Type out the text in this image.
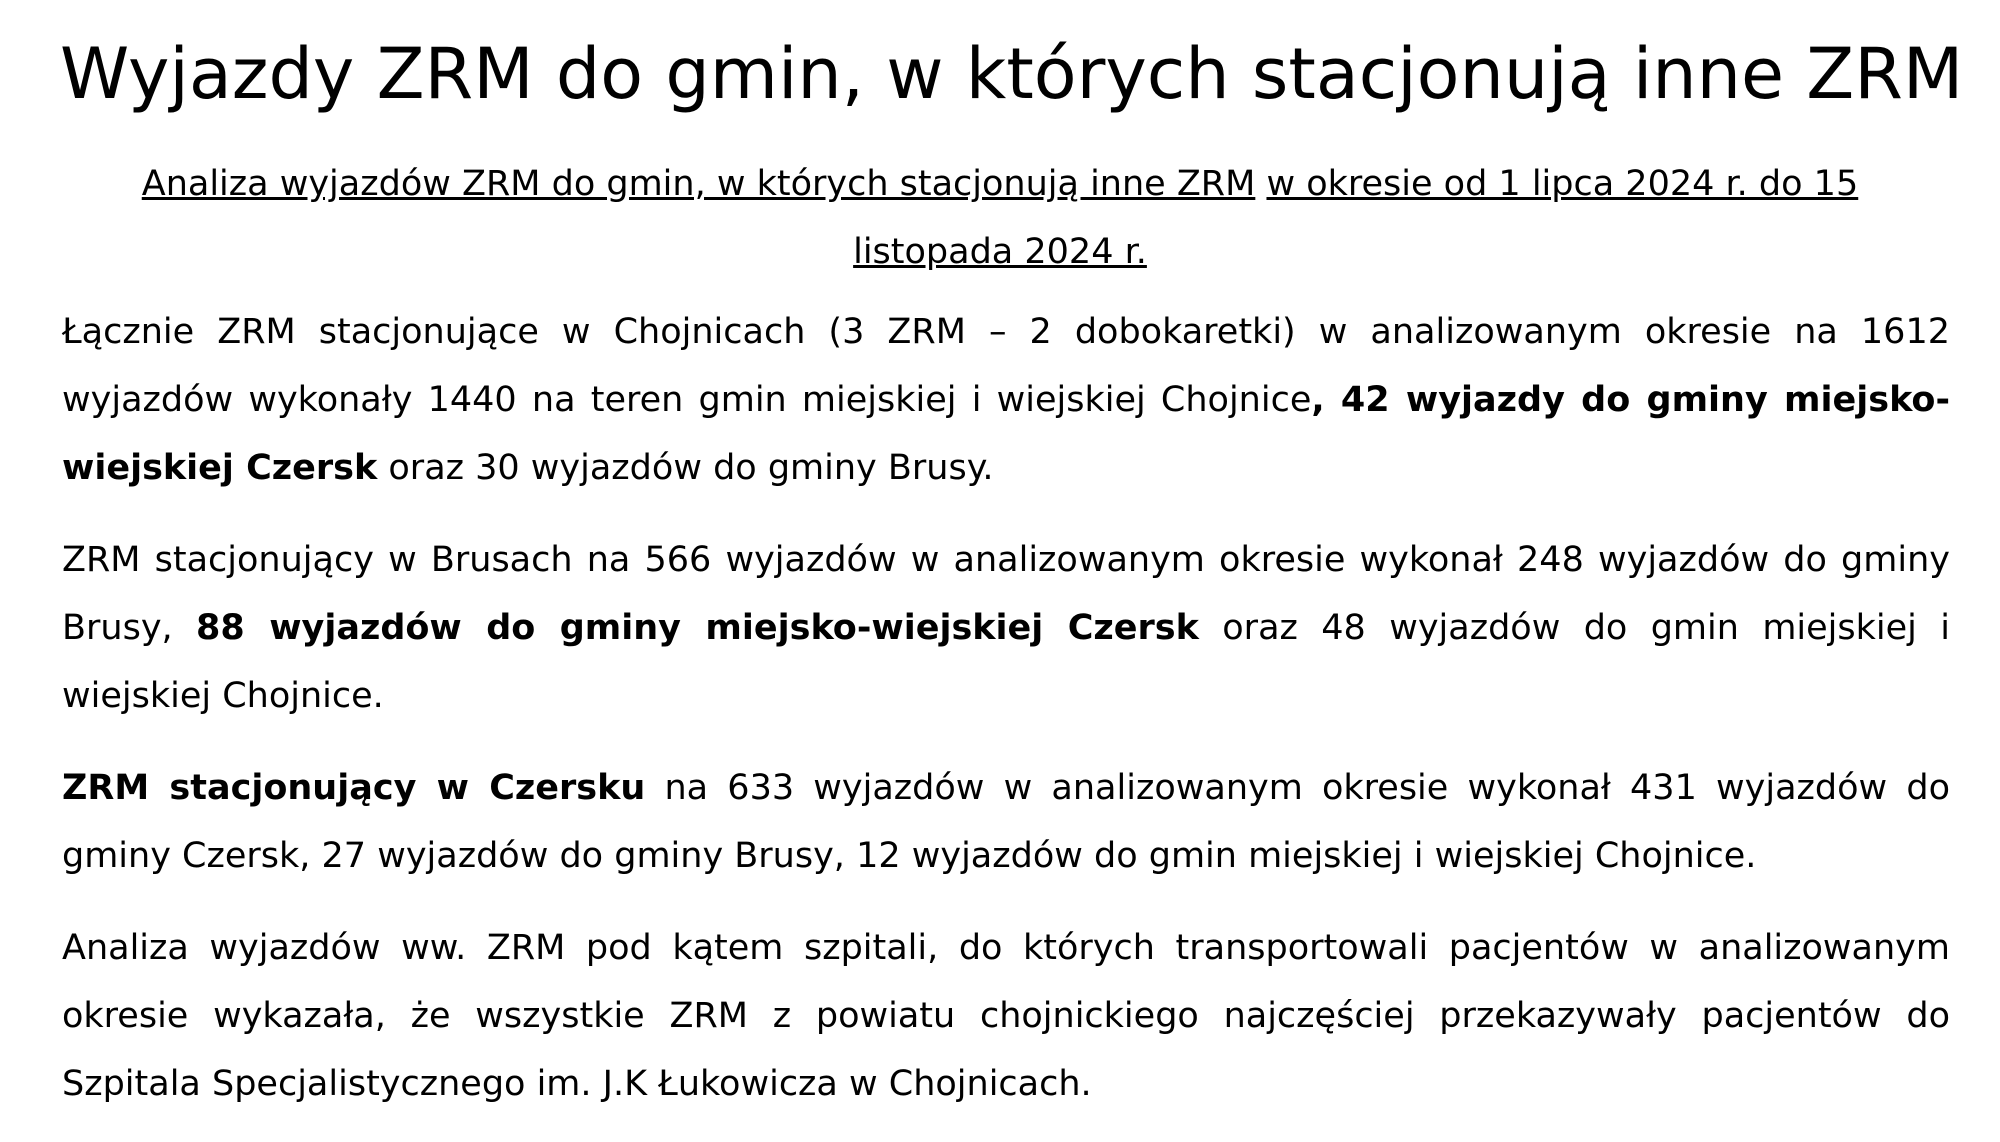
Wyjazdy ZRM do gmin, w których stacjonują inne ZRM

Analiza wyjazdów ZRM do gmin, w których stacjonują inne ZRM w okresie od 1 lipca 2024 r. do 15 listopada 2024 r.

Łącznie ZRM stacjonujące w Chojnicach (3 ZRM – 2 dobokaretki) w analizowanym okresie na 1612 wyjazdów wykonały 1440 na teren gmin miejskiej i wiejskiej Chojnice, 42 wyjazdy do gminy miejsko-wiejskiej Czersk oraz 30 wyjazdów do gminy Brusy.

ZRM stacjonujący w Brusach na 566 wyjazdów w analizowanym okresie wykonał 248 wyjazdów do gminy Brusy, 88 wyjazdów do gminy miejsko-wiejskiej Czersk oraz 48 wyjazdów do gmin miejskiej i wiejskiej Chojnice.

ZRM stacjonujący w Czersku na 633 wyjazdów w analizowanym okresie wykonał 431 wyjazdów do gminy Czersk, 27 wyjazdów do gminy Brusy, 12 wyjazdów do gmin miejskiej i wiejskiej Chojnice.

Analiza wyjazdów ww. ZRM pod kątem szpitali, do których transportowali pacjentów w analizowanym okresie wykazała, że wszystkie ZRM z powiatu chojnickiego najczęściej przekazywały pacjentów do Szpitala Specjalistycznego im. J.K Łukowicza w Chojnicach.
